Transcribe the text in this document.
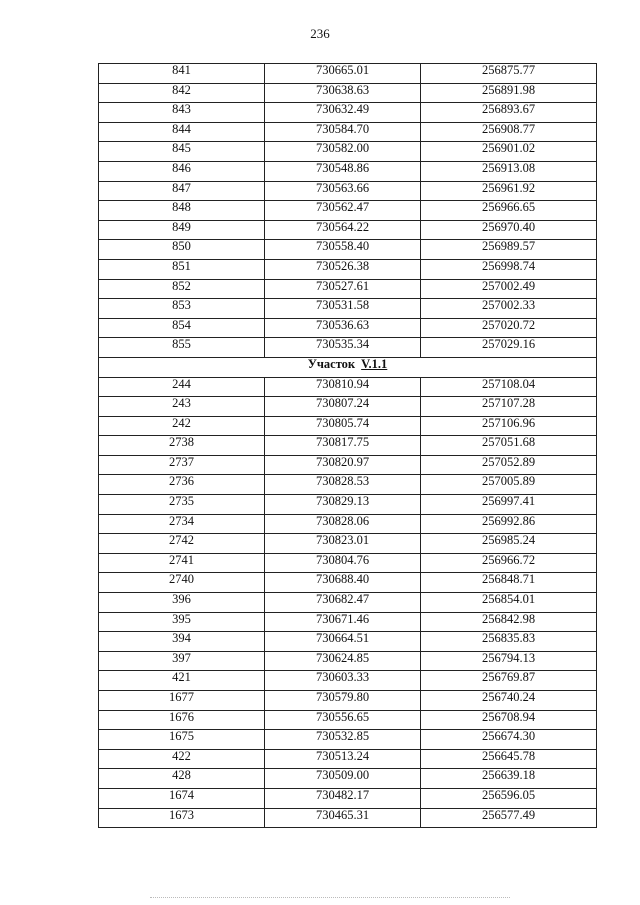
236
841	730665.01	256875.77
842	730638.63	256891.98
843	730632.49	256893.67
844	730584.70	256908.77
845	730582.00	256901.02
846	730548.86	256913.08
847	730563.66	256961.92
848	730562.47	256966.65
849	730564.22	256970.40
850	730558.40	256989.57
851	730526.38	256998.74
852	730527.61	257002.49
853	730531.58	257002.33
854	730536.63	257020.72
855	730535.34	257029.16
Участок V.1.1		
244	730810.94	257108.04
243	730807.24	257107.28
242	730805.74	257106.96
2738	730817.75	257051.68
2737	730820.97	257052.89
2736	730828.53	257005.89
2735	730829.13	256997.41
2734	730828.06	256992.86
2742	730823.01	256985.24
2741	730804.76	256966.72
2740	730688.40	256848.71
396	730682.47	256854.01
395	730671.46	256842.98
394	730664.51	256835.83
397	730624.85	256794.13
421	730603.33	256769.87
1677	730579.80	256740.24
1676	730556.65	256708.94
1675	730532.85	256674.30
422	730513.24	256645.78
428	730509.00	256639.18
1674	730482.17	256596.05
1673	730465.31	256577.49
